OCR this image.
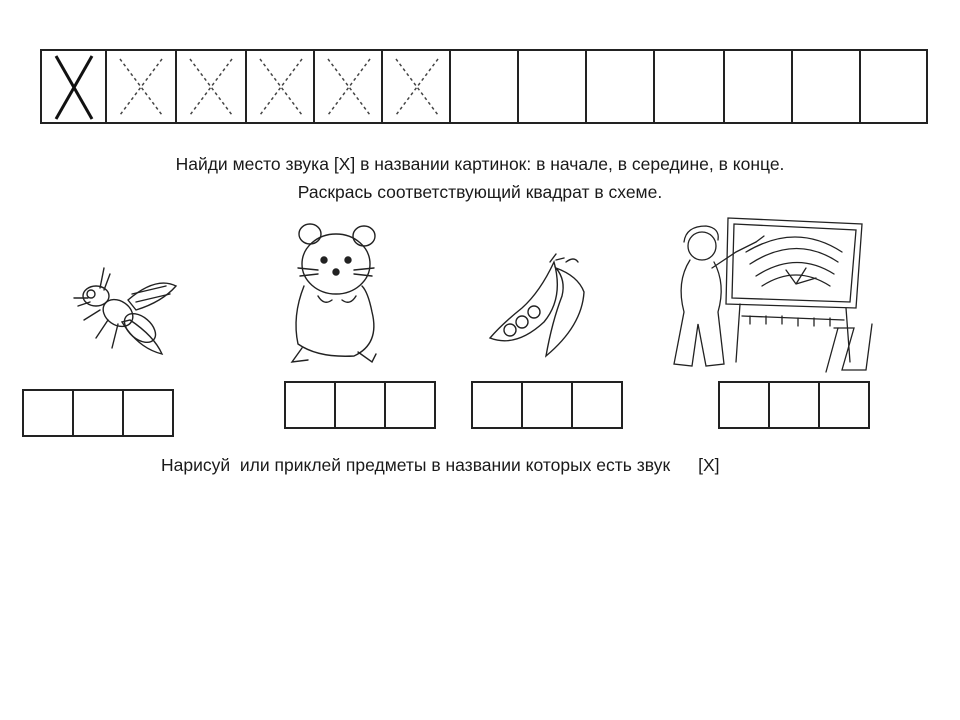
Найди место звука [Х] в названии картинок: в начале, в середине, в конце.
Раскрась соответствующий квадрат в схеме.
Нарисуй  или приклей предметы в названии которых есть звук [Х]
